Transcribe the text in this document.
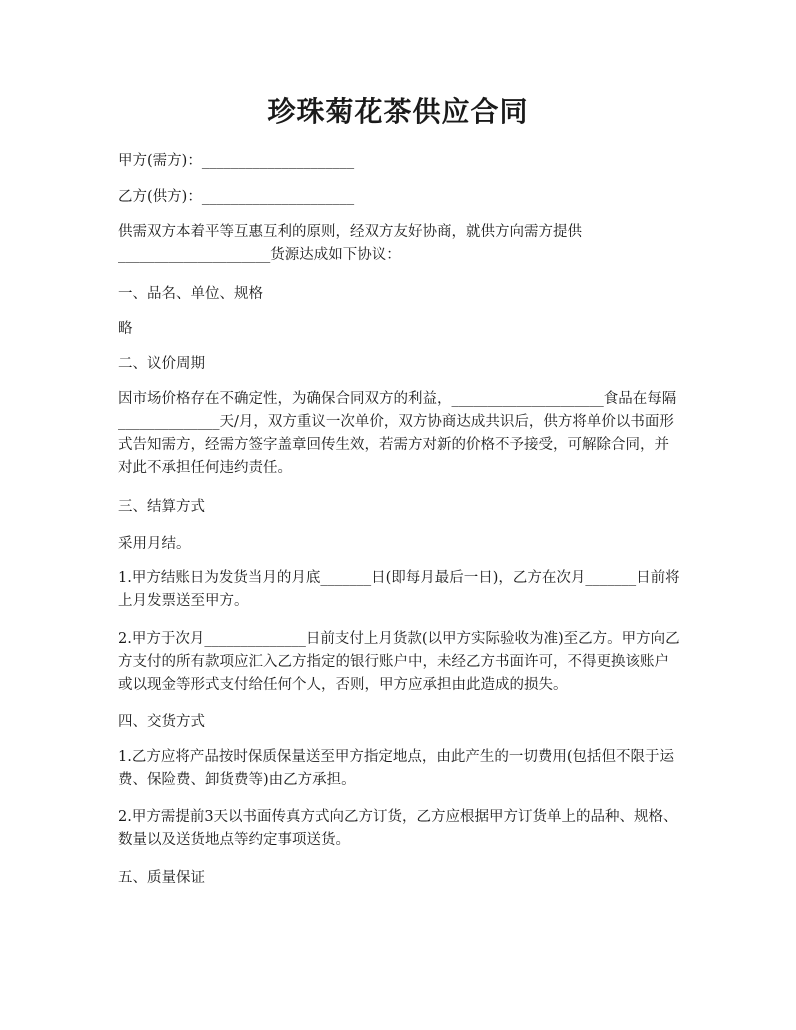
珍珠菊花茶供应合同

甲方(需方)：_____________________

乙方(供方)：_____________________

供需双方本着平等互惠互利的原则，经双方友好协商，就供方向需方提供
_____________________货源达成如下协议：

一、品名、单位、规格

略

二、议价周期

因市场价格存在不确定性，为确保合同双方的利益，_____________________食品在每隔______________天/月，双方重议一次单价，双方协商达成共识后，供方将单价以书面形式告知需方，经需方签字盖章回传生效，若需方对新的价格不予接受，可解除合同，并对此不承担任何违约责任。

三、结算方式

采用月结。

1.甲方结账日为发货当月的月底_______日(即每月最后一日)，乙方在次月_______日前将上月发票送至甲方。

2.甲方于次月______________日前支付上月货款(以甲方实际验收为准)至乙方。甲方向乙方支付的所有款项应汇入乙方指定的银行账户中，未经乙方书面许可，不得更换该账户或以现金等形式支付给任何个人，否则，甲方应承担由此造成的损失。

四、交货方式

1.乙方应将产品按时保质保量送至甲方指定地点，由此产生的一切费用(包括但不限于运费、保险费、卸货费等)由乙方承担。

2.甲方需提前3天以书面传真方式向乙方订货，乙方应根据甲方订货单上的品种、规格、数量以及送货地点等约定事项送货。

五、质量保证
